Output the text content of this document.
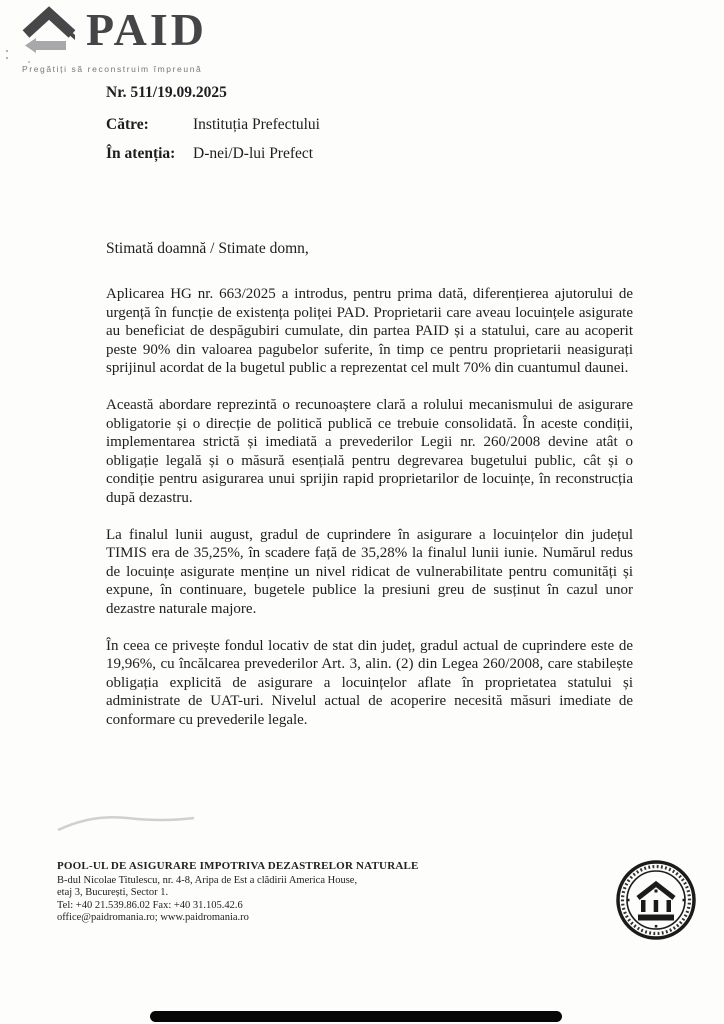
PAID
Pregătiți să reconstruim împreună
Nr. 511/19.09.2025
Către:	Instituția Prefectului
În atenția:	D-nei/D-lui Prefect

Stimată doamnă / Stimate domn,

Aplicarea HG nr. 663/2025 a introdus, pentru prima dată, diferențierea ajutorului de urgență în funcție de existența poliței PAD. Proprietarii care aveau locuințele asigurate au beneficiat de despăgubiri cumulate, din partea PAID și a statului, care au acoperit peste 90% din valoarea pagubelor suferite, în timp ce pentru proprietarii neasigurați sprijinul acordat de la bugetul public a reprezentat cel mult 70% din cuantumul daunei.

Această abordare reprezintă o recunoaștere clară a rolului mecanismului de asigurare obligatorie și o direcție de politică publică ce trebuie consolidată. În aceste condiții, implementarea strictă și imediată a prevederilor Legii nr. 260/2008 devine atât o obligație legală și o măsură esențială pentru degrevarea bugetului public, cât și o condiție pentru asigurarea unui sprijin rapid proprietarilor de locuințe, în reconstrucția după dezastru.

La finalul lunii august, gradul de cuprindere în asigurare a locuințelor din județul TIMIS era de 35,25%, în scadere față de 35,28% la finalul lunii iunie. Numărul redus de locuințe asigurate menține un nivel ridicat de vulnerabilitate pentru comunități și expune, în continuare, bugetele publice la presiuni greu de susținut în cazul unor dezastre naturale majore.

În ceea ce privește fondul locativ de stat din județ, gradul actual de cuprindere este de 19,96%, cu încălcarea prevederilor Art. 3, alin. (2) din Legea 260/2008, care stabilește obligația explicită de asigurare a locuințelor aflate în proprietatea statului și administrate de UAT-uri. Nivelul actual de acoperire necesită măsuri imediate de conformare cu prevederile legale.

POOL-UL DE ASIGURARE IMPOTRIVA DEZASTRELOR NATURALE
B-dul Nicolae Titulescu, nr. 4-8, Aripa de Est a clădirii America House,
etaj 3, București, Sector 1.
Tel: +40 21.539.86.02 Fax: +40 31.105.42.6
office@paidromania.ro; www.paidromania.ro
